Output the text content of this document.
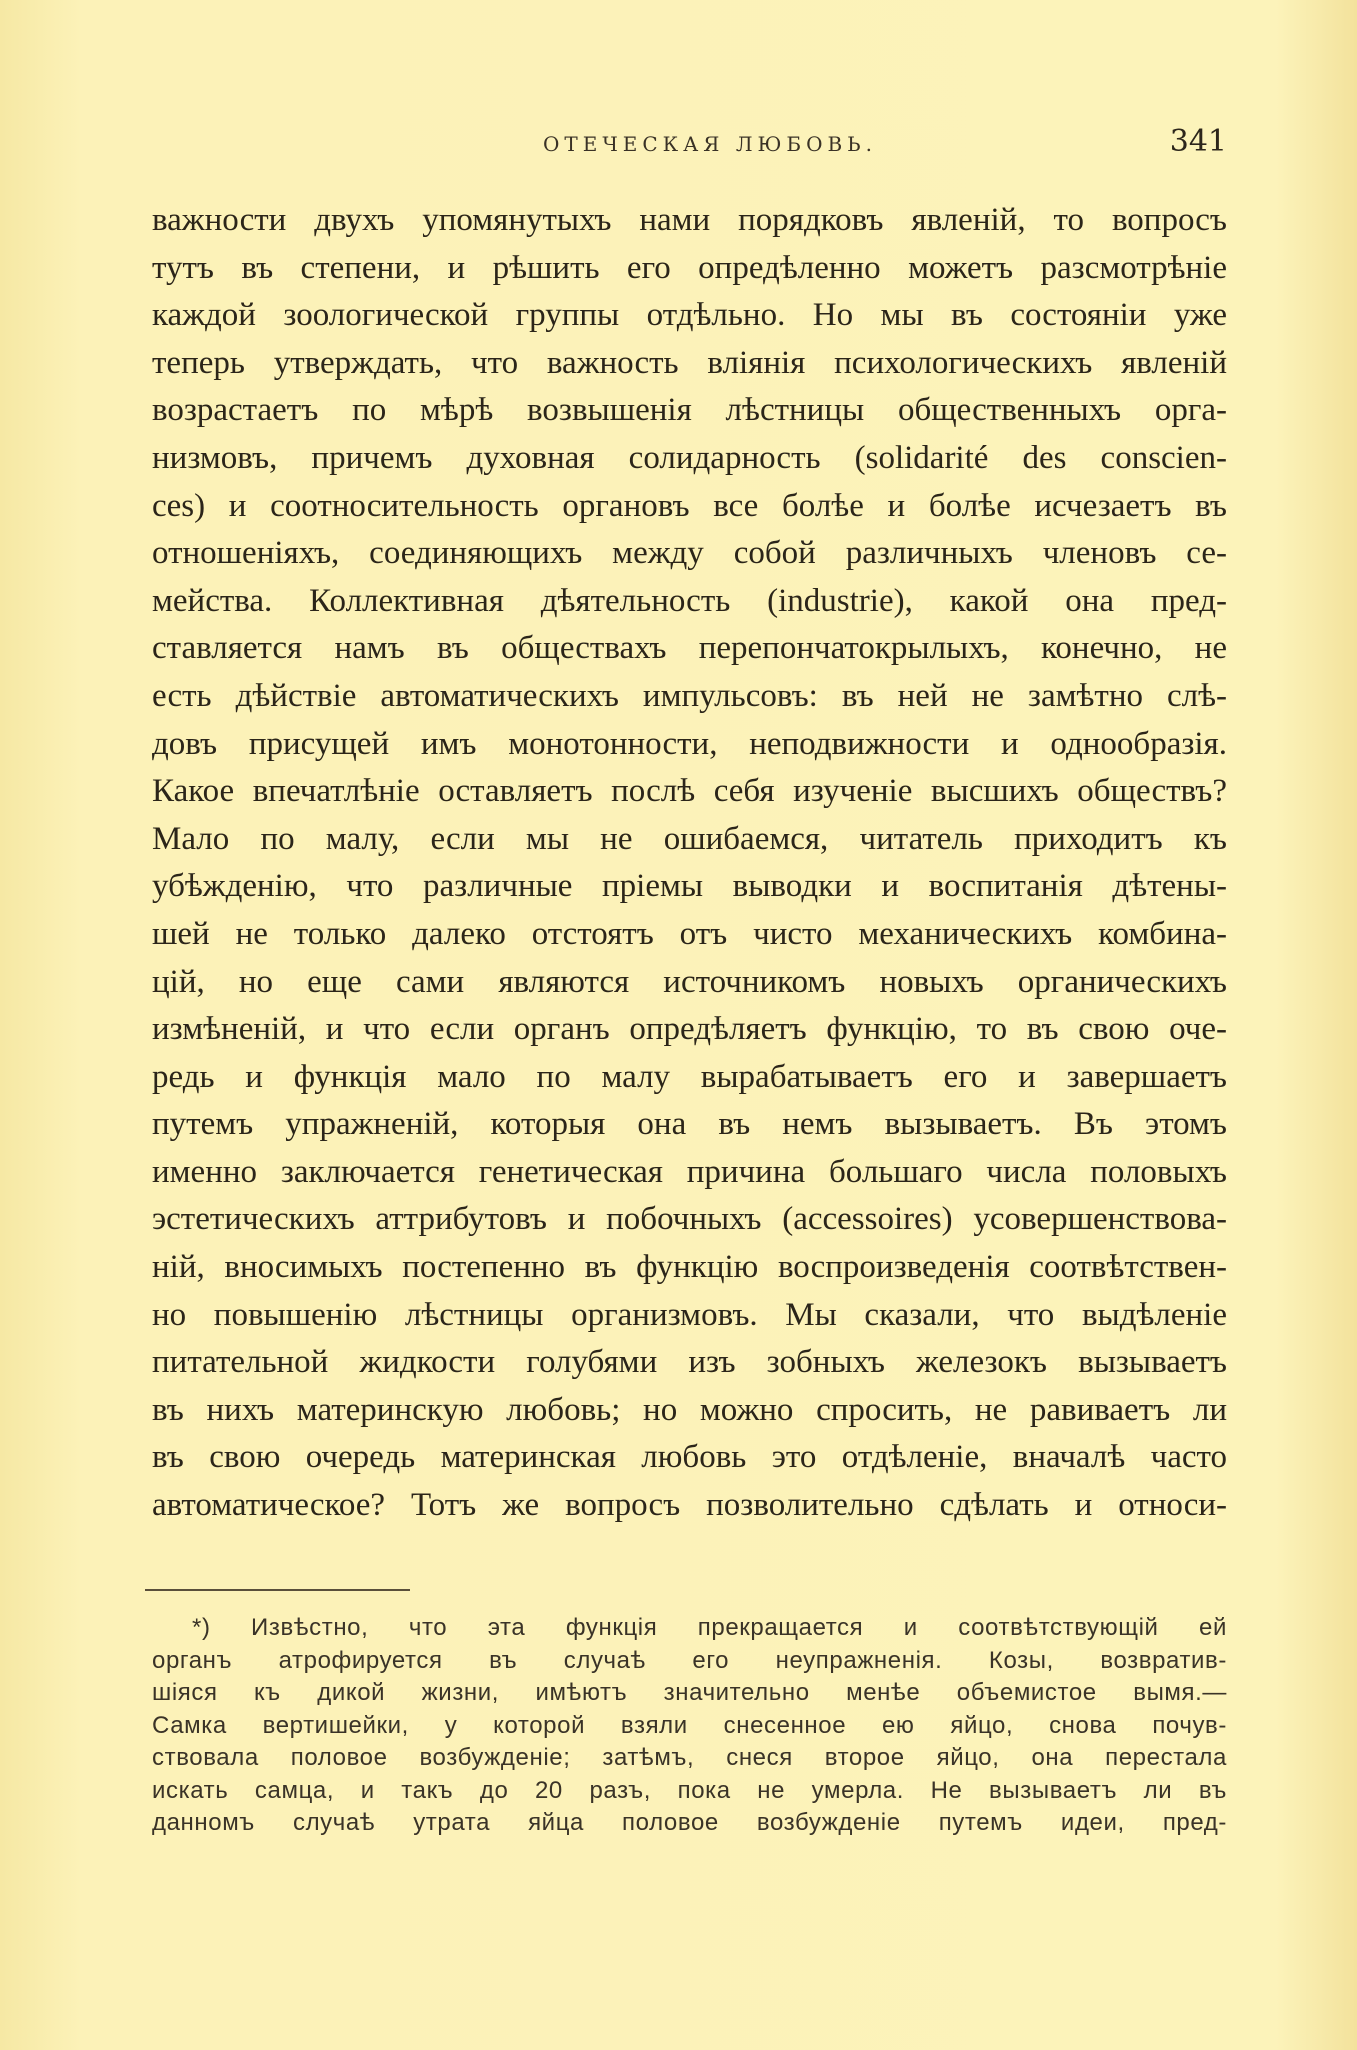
ОТЕЧЕСКАЯ ЛЮБОВЬ.	341
важности двухъ упомянутыхъ нами порядковъ явленій, то вопросъ
тутъ въ степени, и рѣшить его опредѣленно можетъ разсмотрѣніе
каждой зоологической группы отдѣльно. Но мы въ состояніи уже
теперь утверждать, что важность вліянія психологическихъ явленій
возрастаетъ по мѣрѣ возвышенія лѣстницы общественныхъ орга-
низмовъ, причемъ духовная солидарность (solidarité des conscien-
ces) и соотносительность органовъ все болѣе и болѣе исчезаетъ въ
отношеніяхъ, соединяющихъ между собой различныхъ членовъ се-
мейства. Коллективная дѣятельность (industrie), какой она пред-
ставляется намъ въ обществахъ перепончатокрылыхъ, конечно, не
есть дѣйствіе автоматическихъ импульсовъ: въ ней не замѣтно слѣ-
довъ присущей имъ монотонности, неподвижности и однообразія.
Какое впечатлѣніе оставляетъ послѣ себя изученіе высшихъ обществъ?
Мало по малу, если мы не ошибаемся, читатель приходитъ къ
убѣжденію, что различные пріемы выводки и воспитанія дѣтены-
шей не только далеко отстоятъ отъ чисто механическихъ комбина-
цій, но еще сами являются источникомъ новыхъ органическихъ
измѣненій, и что если органъ опредѣляетъ функцію, то въ свою оче-
редь и функція мало по малу вырабатываетъ его и завершаетъ
путемъ упражненій, которыя она въ немъ вызываетъ. Въ этомъ
именно заключается генетическая причина большаго числа половыхъ
эстетическихъ аттрибутовъ и побочныхъ (accessoires) усовершенствова-
ній, вносимыхъ постепенно въ функцію воспроизведенія соотвѣтствен-
но повышенію лѣстницы организмовъ. Мы сказали, что выдѣленіе
питательной жидкости голубями изъ зобныхъ железокъ вызываетъ
въ нихъ материнскую любовь; но можно спросить, не равиваетъ ли
въ свою очередь материнская любовь это отдѣленіе, вначалѣ часто
автоматическое? Тотъ же вопросъ позволительно сдѣлать и относи-
*) Извѣстно, что эта функція прекращается и соотвѣтствующій ей
органъ атрофируется въ случаѣ его неупражненія. Козы, возвратив-
шіяся къ дикой жизни, имѣютъ значительно менѣе объемистое вымя.—
Самка вертишейки, у которой взяли снесенное ею яйцо, снова почув-
ствовала половое возбужденіе; затѣмъ, снеся второе яйцо, она перестала
искать самца, и такъ до 20 разъ, пока не умерла. Не вызываетъ ли въ
данномъ случаѣ утрата яйца половое возбужденіе путемъ идеи, пред-
